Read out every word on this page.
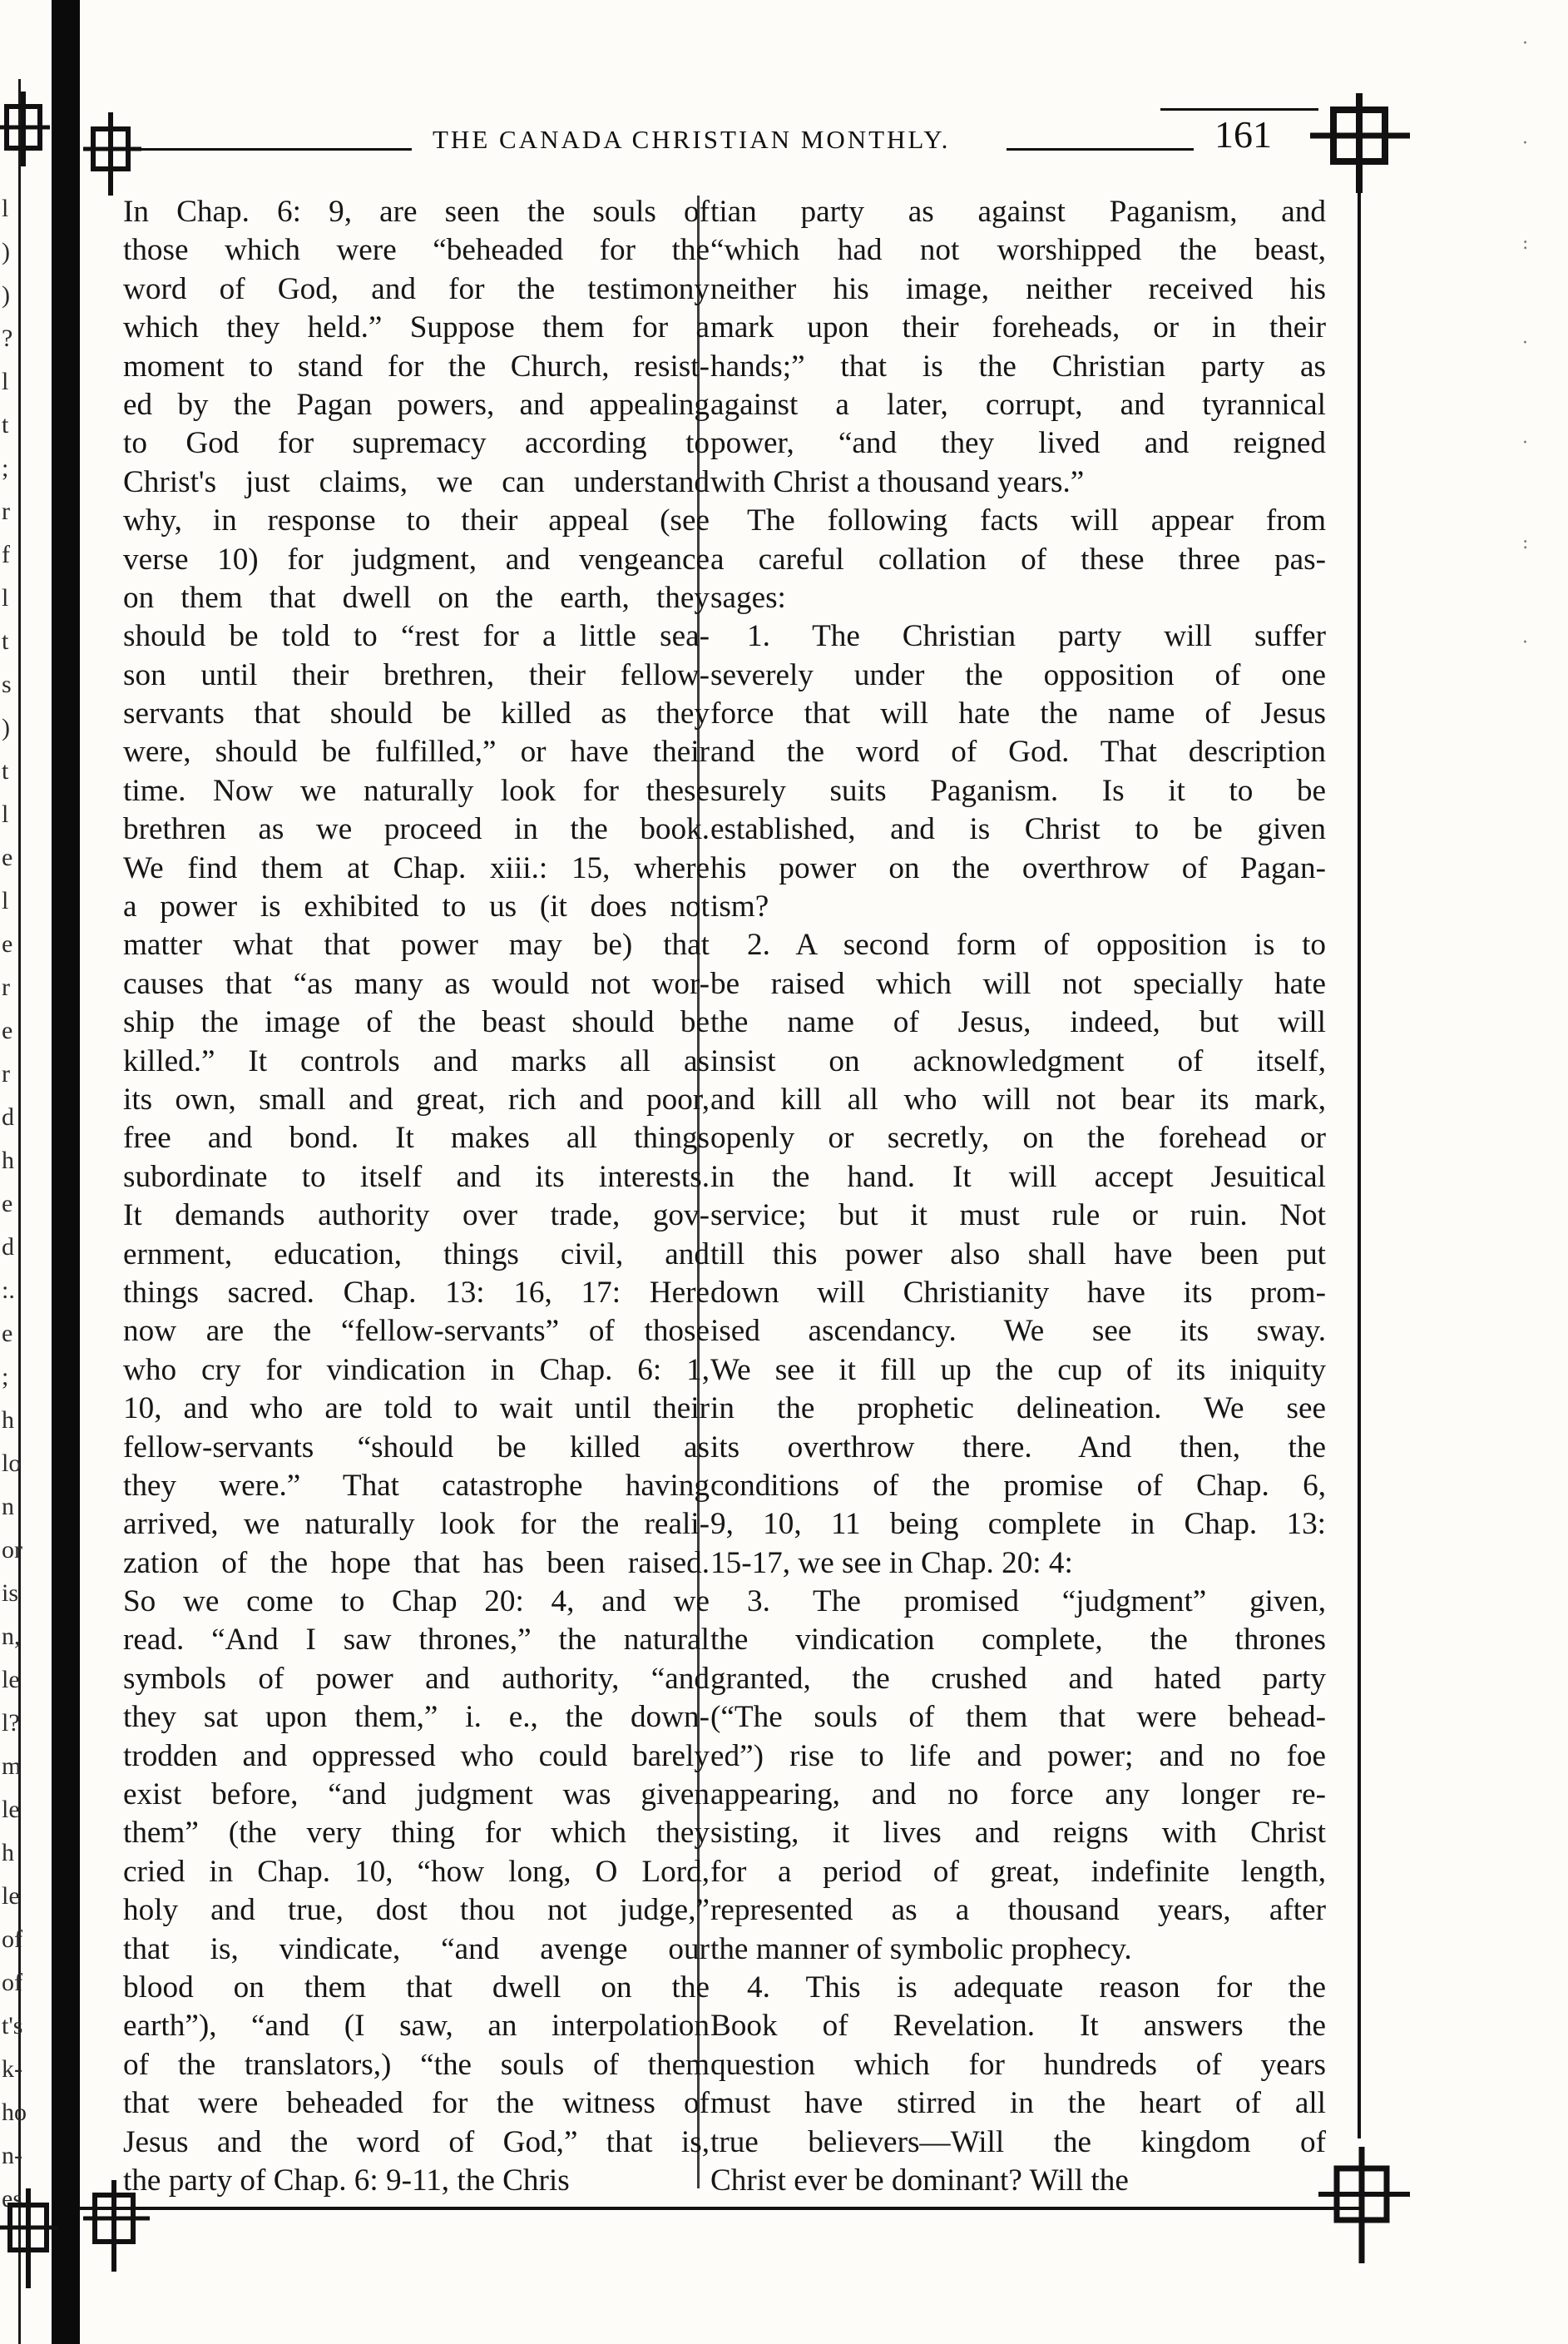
l
)
)
?
l
t
;
r
f
l
t
s
)
t
l
e
l
e
r
e
r
d
h
e
d
:.
e
;
h
lo
n
or
is
n,
le
l?
m
le
h
le
of
of
t's
k-
ho
n-
es.
THE CANADA CHRISTIAN MONTHLY.	161
In Chap. 6: 9, are seen the souls of
those which were “beheaded for the
word of God, and for the testimony
which they held.” Suppose them for a
moment to stand for the Church, resist-
ed by the Pagan powers, and appealing
to God for supremacy according to
Christ's just claims, we can understand
why, in response to their appeal (see
verse 10) for judgment, and vengeance
on them that dwell on the earth, they
should be told to “rest for a little sea-
son until their brethren, their fellow-
servants that should be killed as they
were, should be fulfilled,” or have their
time. Now we naturally look for these
brethren as we proceed in the book.
We find them at Chap. xiii.: 15, where
a power is exhibited to us (it does not
matter what that power may be) that
causes that “as many as would not wor-
ship the image of the beast should be
killed.” It controls and marks all as
its own, small and great, rich and poor,
free and bond. It makes all things
subordinate to itself and its interests.
It demands authority over trade, gov-
ernment, education, things civil, and
things sacred. Chap. 13: 16, 17: Here
now are the “fellow-servants” of those
who cry for vindication in Chap. 6: 1,
10, and who are told to wait until their
fellow-servants “should be killed as
they were.” That catastrophe having
arrived, we naturally look for the reali-
zation of the hope that has been raised.
So we come to Chap 20: 4, and we
read. “And I saw thrones,” the natural
symbols of power and authority, “and
they sat upon them,” i. e., the down-
trodden and oppressed who could barely
exist before, “and judgment was given
them” (the very thing for which they
cried in Chap. 10, “how long, O Lord,
holy and true, dost thou not judge,”
that is, vindicate, “and avenge our
blood on them that dwell on the
earth”), “and (I saw, an interpolation
of the translators,) “the souls of them
that were beheaded for the witness of
Jesus and the word of God,” that is,
the party of Chap. 6: 9-11, the Chris
tian party as against Paganism, and
“which had not worshipped the beast,
neither his image, neither received his
mark upon their foreheads, or in their
hands;” that is the Christian party as
against a later, corrupt, and tyrannical
power, “and they lived and reigned
with Christ a thousand years.”
The following facts will appear from
a careful collation of these three pas-
sages:
1. The Christian party will suffer
severely under the opposition of one
force that will hate the name of Jesus
and the word of God. That description
surely suits Paganism. Is it to be
established, and is Christ to be given
his power on the overthrow of Pagan-
ism?
2. A second form of opposition is to
be raised which will not specially hate
the name of Jesus, indeed, but will
insist on acknowledgment of itself,
and kill all who will not bear its mark,
openly or secretly, on the forehead or
in the hand. It will accept Jesuitical
service; but it must rule or ruin. Not
till this power also shall have been put
down will Christianity have its prom-
ised ascendancy. We see its sway.
We see it fill up the cup of its iniquity
in the prophetic delineation. We see
its overthrow there. And then, the
conditions of the promise of Chap. 6,
9, 10, 11 being complete in Chap. 13:
15-17, we see in Chap. 20: 4:
3. The promised “judgment” given,
the vindication complete, the thrones
granted, the crushed and hated party
(“The souls of them that were behead-
ed”) rise to life and power; and no foe
appearing, and no force any longer re-
sisting, it lives and reigns with Christ
for a period of great, indefinite length,
represented as a thousand years, after
the manner of symbolic prophecy.
4. This is adequate reason for the
Book of Revelation. It answers the
question which for hundreds of years
must have stirred in the heart of all
true believers—Will the kingdom of
Christ ever be dominant? Will the
·
·
:
·
·
:
·
